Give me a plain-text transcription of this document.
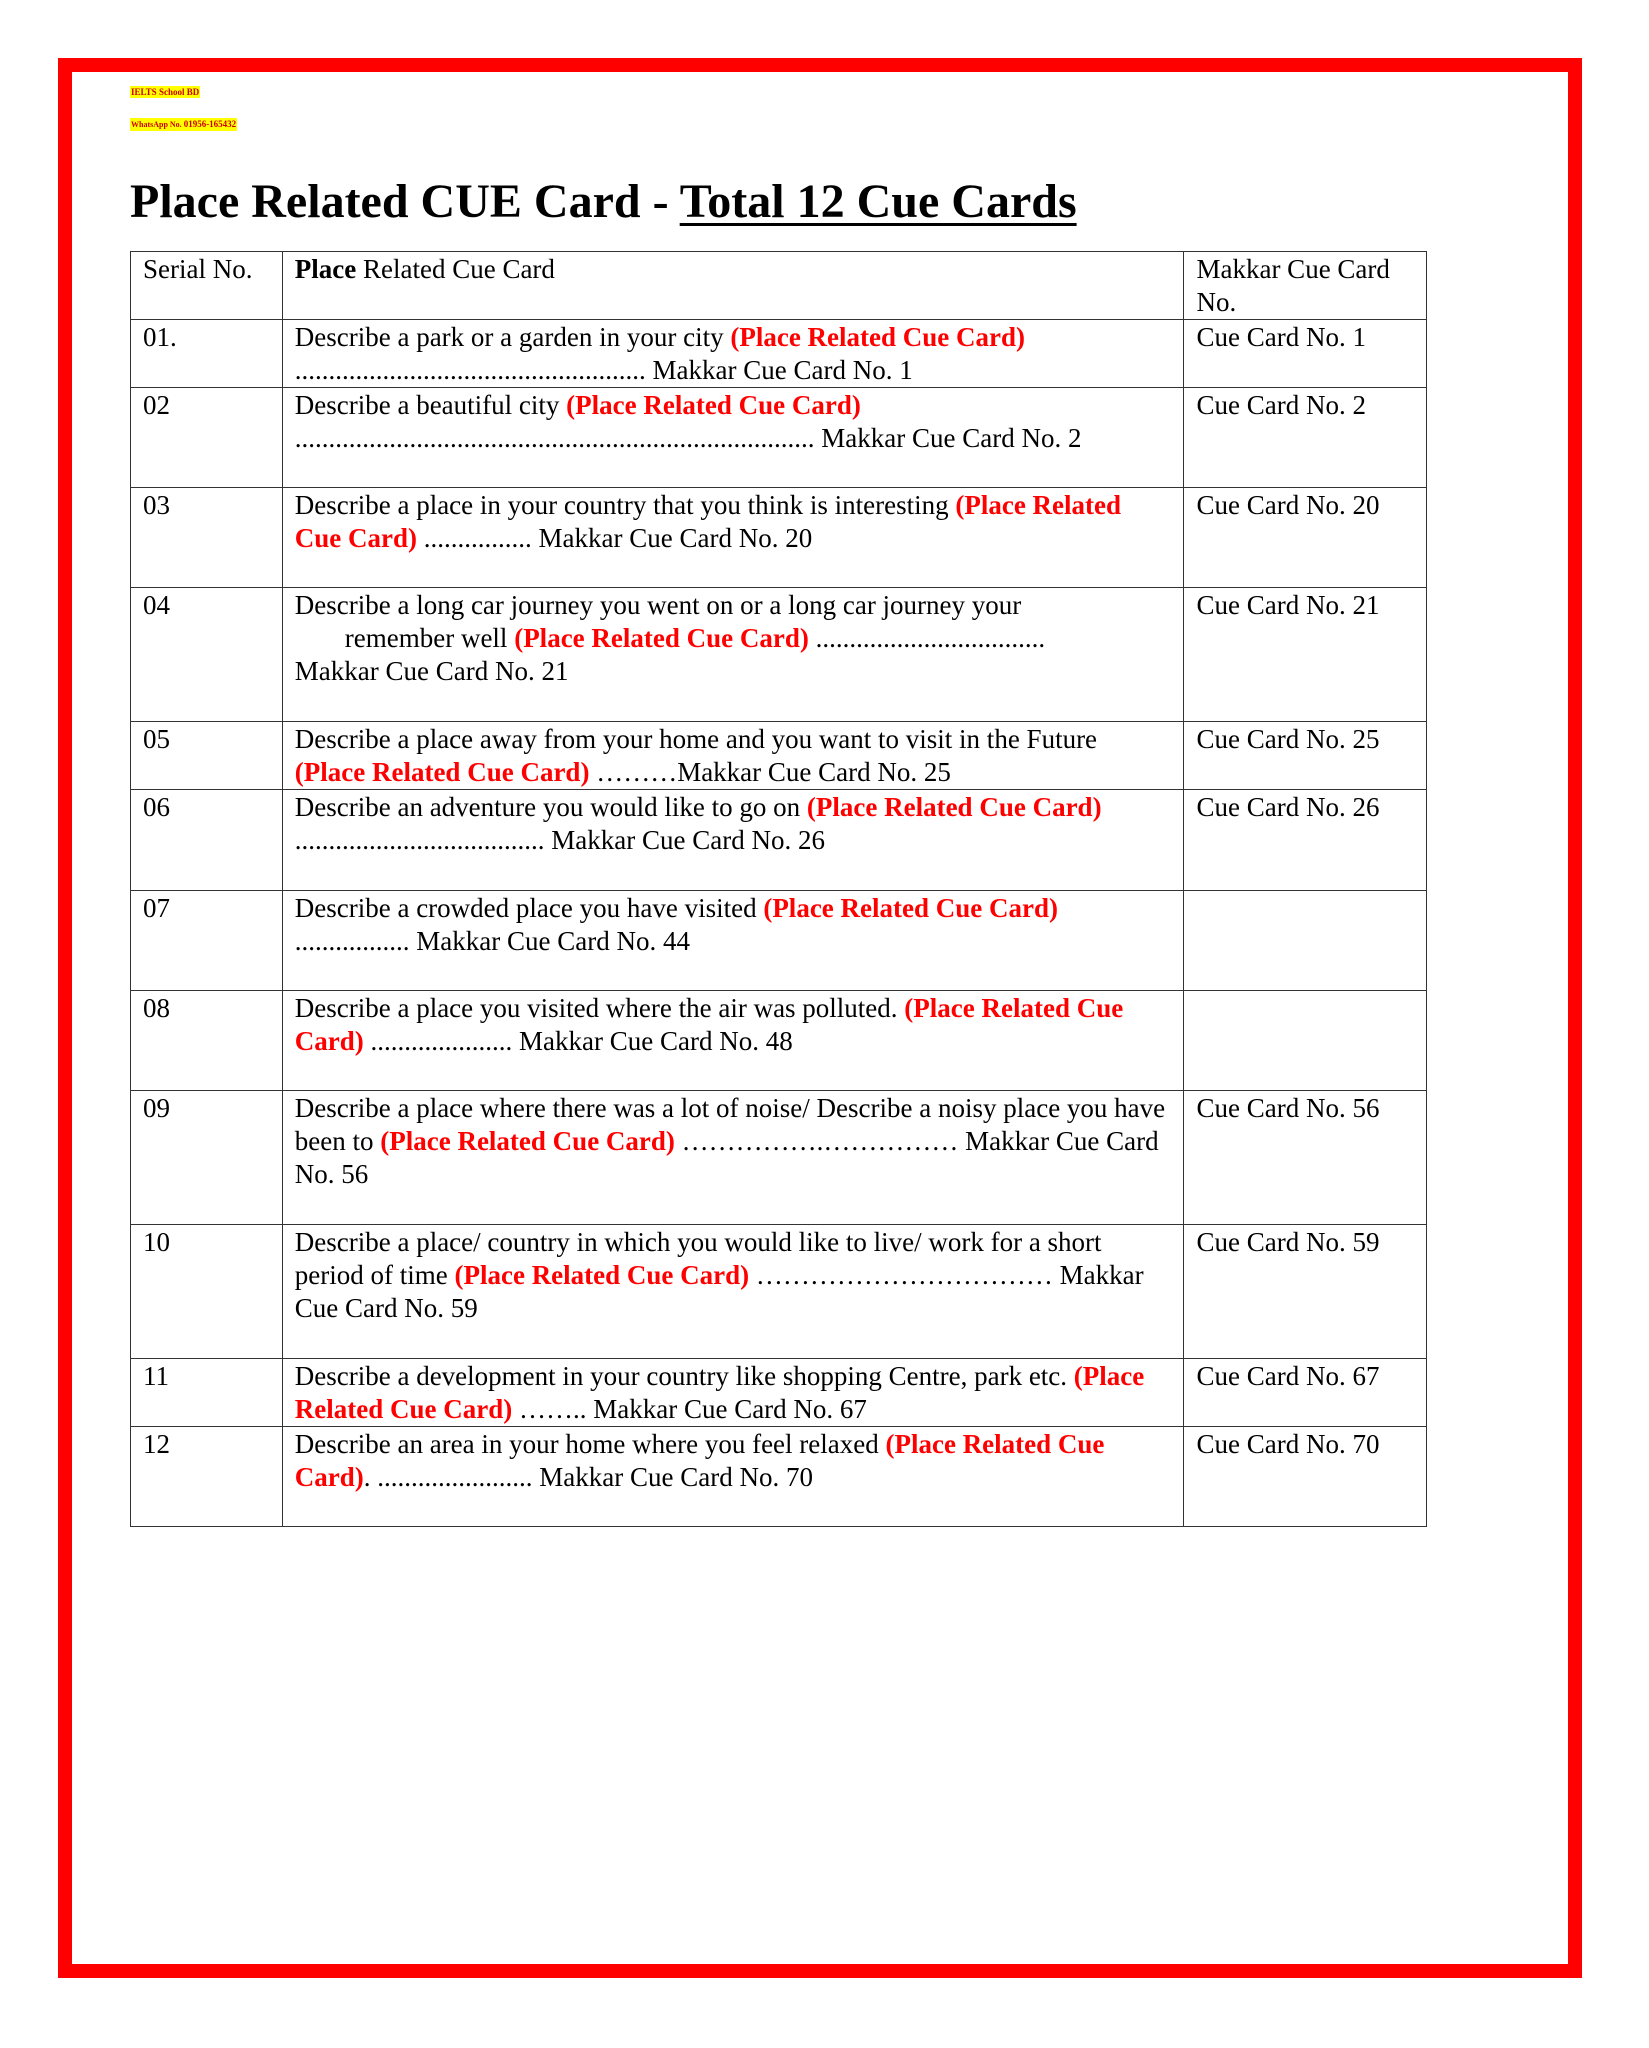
IELTS School BD
WhatsApp No. 01956-165432
Place Related CUE Card - Total 12 Cue Cards
Serial No.	Place Related Cue Card	Makkar Cue Card No.
01.	Describe a park or a garden in your city (Place Related Cue Card)
.................................................... Makkar Cue Card No. 1	Cue Card No. 1
02	Describe a beautiful city (Place Related Cue Card)
............................................................................. Makkar Cue Card No. 2	Cue Card No. 2
03	Describe a place in your country that you think is interesting (Place Related Cue Card) ................ Makkar Cue Card No. 20	Cue Card No. 20
04	Describe a long car journey you went on or a long car journey your
remember well (Place Related Cue Card) ..................................
Makkar Cue Card No. 21	Cue Card No. 21
05	Describe a place away from your home and you want to visit in the Future (Place Related Cue Card) ………Makkar Cue Card No. 25	Cue Card No. 25
06	Describe an adventure you would like to go on (Place Related Cue Card)
..................................... Makkar Cue Card No. 26	Cue Card No. 26
07	Describe a crowded place you have visited (Place Related Cue Card)
................. Makkar Cue Card No. 44	
08	Describe a place you visited where the air was polluted. (Place Related Cue Card) ..................... Makkar Cue Card No. 48	
09	Describe a place where there was a lot of noise/ Describe a noisy place you have been to (Place Related Cue Card) …………….…………… Makkar Cue Card No. 56	Cue Card No. 56
10	Describe a place/ country in which you would like to live/ work for a short period of time (Place Related Cue Card) …………………………… Makkar Cue Card No. 59	Cue Card No. 59
11	Describe a development in your country like shopping Centre, park etc. (Place Related Cue Card) …….. Makkar Cue Card No. 67	Cue Card No. 67
12	Describe an area in your home where you feel relaxed (Place Related Cue Card). ....................... Makkar Cue Card No. 70	Cue Card No. 70
